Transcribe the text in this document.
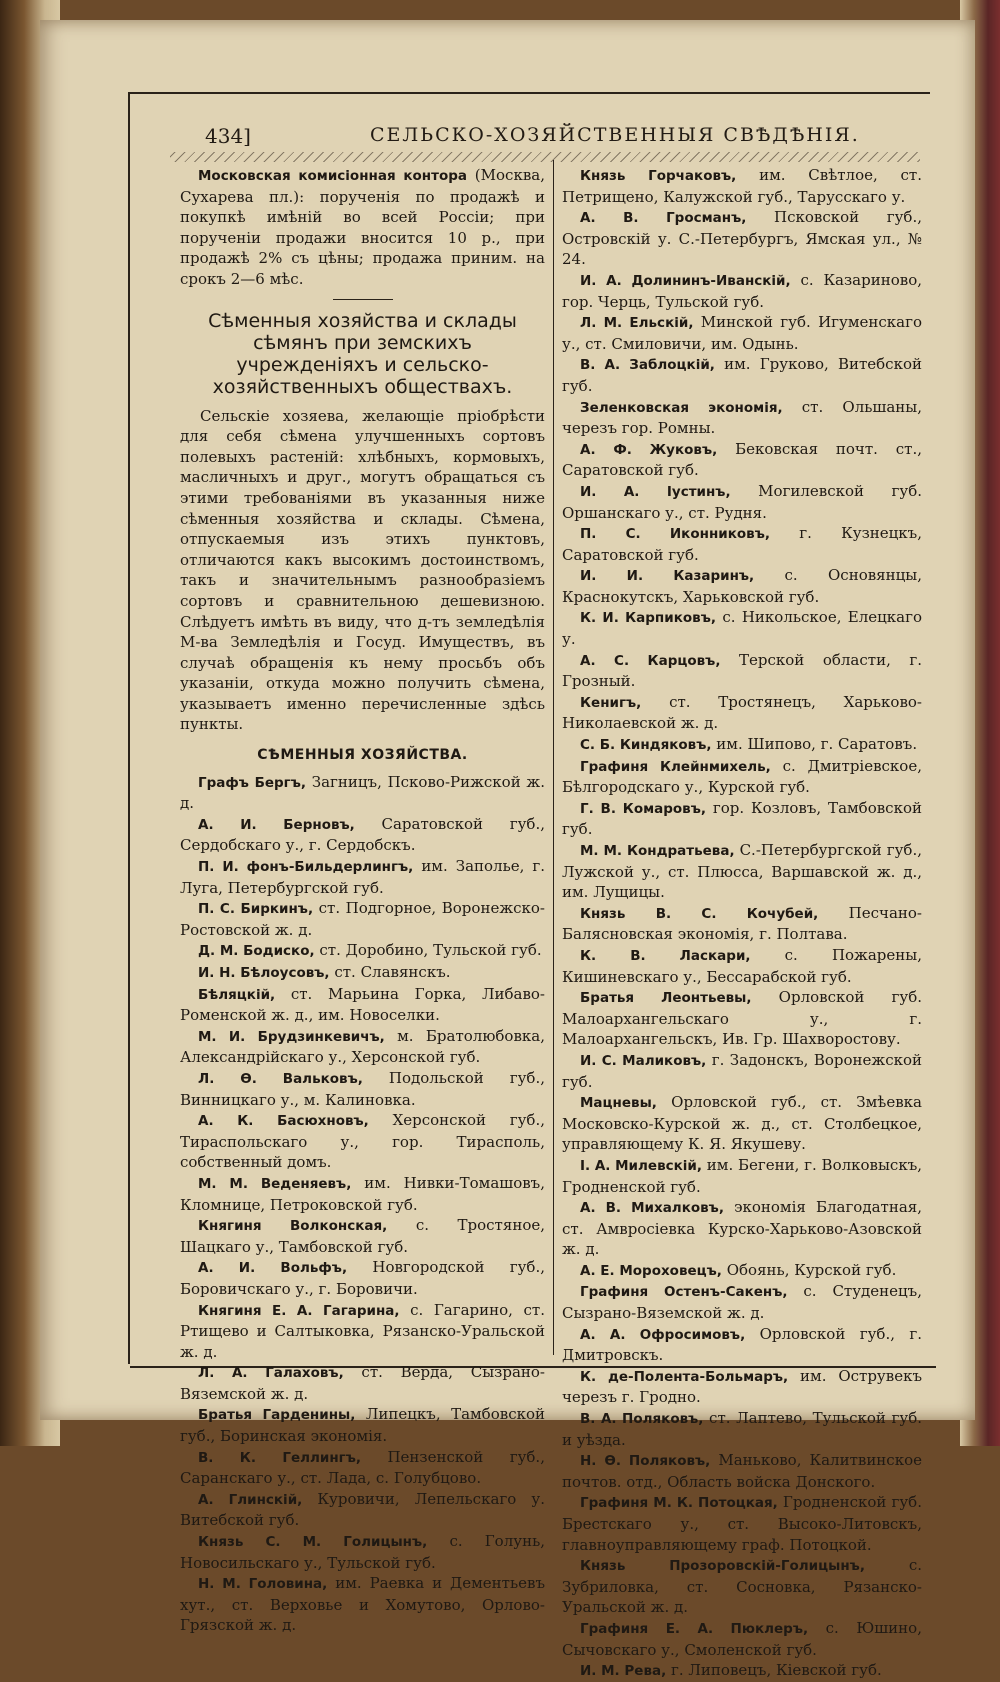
434]	СЕЛЬСКО-ХОЗЯЙСТВЕННЫЯ СВѢДѢНІЯ.

Московская комисіонная контора (Москва, Сухарева пл.): порученія по продажѣ и покупкѣ имѣній во всей Россіи; при порученіи продажи вносится 10 р., при продажѣ 2% съ цѣны; продажа приним. на срокъ 2—6 мѣс.

Сѣменныя хозяйства и склады сѣмянъ при земскихъ учрежденіяхъ и сельско-хозяйственныхъ обществахъ.

Сельскіе хозяева, желающіе пріобрѣсти для себя сѣмена улучшенныхъ сортовъ полевыхъ растеній: хлѣбныхъ, кормовыхъ, масличныхъ и друг., могутъ обращаться съ этими требованіями въ указанныя ниже сѣменныя хозяйства и склады. Сѣмена, отпускаемыя изъ этихъ пунктовъ, отличаются какъ высокимъ достоинствомъ, такъ и значительнымъ разнообразіемъ сортовъ и сравнительною дешевизною. Слѣдуетъ имѣть въ виду, что д-тъ земледѣлія М-ва Земледѣлія и Госуд. Имуществъ, въ случаѣ обращенія къ нему просьбъ объ указаніи, откуда можно получить сѣмена, указываетъ именно перечисленные здѣсь пункты.

СѢМЕННЫЯ ХОЗЯЙСТВА.

Графъ Бергъ, Загницъ, Псково-Рижской ж. д.

А. И. Берновъ, Саратовской губ., Сердобскаго у., г. Сердобскъ.

П. И. фонъ-Бильдерлингъ, им. Заполье, г. Луга, Петербургской губ.

П. С. Биркинъ, ст. Подгорное, Воронежско-Ростовской ж. д.

Д. М. Бодиско, ст. Доробино, Тульской губ.

И. Н. Бѣлоусовъ, ст. Славянскъ.

Бѣляцкій, ст. Марьина Горка, Либаво-Роменской ж. д., им. Новоселки.

М. И. Брудзинкевичъ, м. Братолюбовка, Александрійскаго у., Херсонской губ.

Л. Ѳ. Вальковъ, Подольской губ., Винницкаго у., м. Калиновка.

А. К. Басюхновъ, Херсонской губ., Тираспольскаго у., гор. Тирасполь, собственный домъ.

М. М. Веденяевъ, им. Нивки-Томашовъ, Кломнице, Петроковской губ.

Княгиня Волконская, с. Тростяное, Шацкаго у., Тамбовской губ.

А. И. Вольфъ, Новгородской губ., Боровичскаго у., г. Боровичи.

Княгиня Е. А. Гагарина, с. Гагарино, ст. Ртищево и Салтыковка, Рязанско-Уральской ж. д.

Л. А. Галаховъ, ст. Верда, Сызрано-Вяземской ж. д.

Братья Гарденины, Липецкъ, Тамбовской губ., Боринская экономія.

В. К. Геллингъ, Пензенской губ., Саранскаго у., ст. Лада, с. Голубцово.

А. Глинскій, Куровичи, Лепельскаго у. Витебской губ.

Князь С. М. Голицынъ, с. Голунь, Новосильскаго у., Тульской губ.

Н. М. Головина, им. Раевка и Дементьевъ хут., ст. Верховье и Хомутово, Орлово-Грязской ж. д.

Князь Горчаковъ, им. Свѣтлое, ст. Петрищено, Калужской губ., Тарусскаго у.

А. В. Гросманъ, Псковской губ., Островскій у. С.-Петербургъ, Ямская ул., № 24.

И. А. Долининъ-Иванскій, с. Казариново, гор. Черць, Тульской губ.

Л. М. Ельскій, Минской губ. Игуменскаго у., ст. Смиловичи, им. Одынь.

В. А. Заблоцкій, им. Груково, Витебской губ.

Зеленковская экономія, ст. Ольшаны, черезъ гор. Ромны.

А. Ф. Жуковъ, Бековская почт. ст., Саратовской губ.

И. А. Іустинъ, Могилевской губ. Оршанскаго у., ст. Рудня.

П. С. Иконниковъ, г. Кузнецкъ, Саратовской губ.

И. И. Казаринъ, с. Основянцы, Краснокутскъ, Харьковской губ.

К. И. Карпиковъ, с. Никольское, Елецкаго у.

А. С. Карцовъ, Терской области, г. Грозный.

Кенигъ, ст. Тростянецъ, Харьково-Николаевской ж. д.

С. Б. Киндяковъ, им. Шиповo, г. Саратовъ.

Графиня Клейнмихель, с. Дмитріевское, Бѣлгородскаго у., Курской губ.

Г. В. Комаровъ, гор. Козловъ, Тамбовской губ.

М. М. Кондратьева, С.-Петербургской губ., Лужской у., ст. Плюсса, Варшавской ж. д., им. Лущицы.

Князь В. С. Кочубей, Песчано-Балясновская экономія, г. Полтава.

К. В. Ласкари, с. Пожарены, Кишиневскаго у., Бессарабской губ.

Братья Леонтьевы, Орловской губ. Малоархангельскаго у., г. Малоархангельскъ, Ив. Гр. Шахворостову.

И. С. Маликовъ, г. Задонскъ, Воронежской губ.

Мацневы, Орловской губ., ст. Змѣевка Московско-Курской ж. д., ст. Столбецкое, управляющему К. Я. Якушеву.

І. А. Милевскій, им. Бегени, г. Волковыскъ, Гродненской губ.

А. В. Михалковъ, экономія Благодатная, ст. Амвросіевка Курско-Харьково-Азовской ж. д.

А. Е. Мороховецъ, Обоянь, Курской губ.

Графиня Остенъ-Сакенъ, с. Студенецъ, Сызрано-Вяземской ж. д.

А. А. Офросимовъ, Орловской губ., г. Дмитровскъ.

К. де-Полента-Больмаръ, им. Острувекъ черезъ г. Гродно.

В. А. Поляковъ, ст. Лаптево, Тульской губ. и уѣзда.

Н. Ѳ. Поляковъ, Маньково, Калитвинское почтов. отд., Область войска Донского.

Графиня М. К. Потоцкая, Гродненской губ. Брестскаго у., ст. Высоко-Литовскъ, главноуправляющему граф. Потоцкой.

Князь Прозоровскій-Голицынъ,	с. Зубриловка, ст. Сосновка, Рязанско-Уральской ж. д.

Графиня Е. А. Пюклеръ, с. Юшино, Сычовскаго у., Смоленской губ.

И. М. Рева, г. Липовецъ, Кіевской губ.
